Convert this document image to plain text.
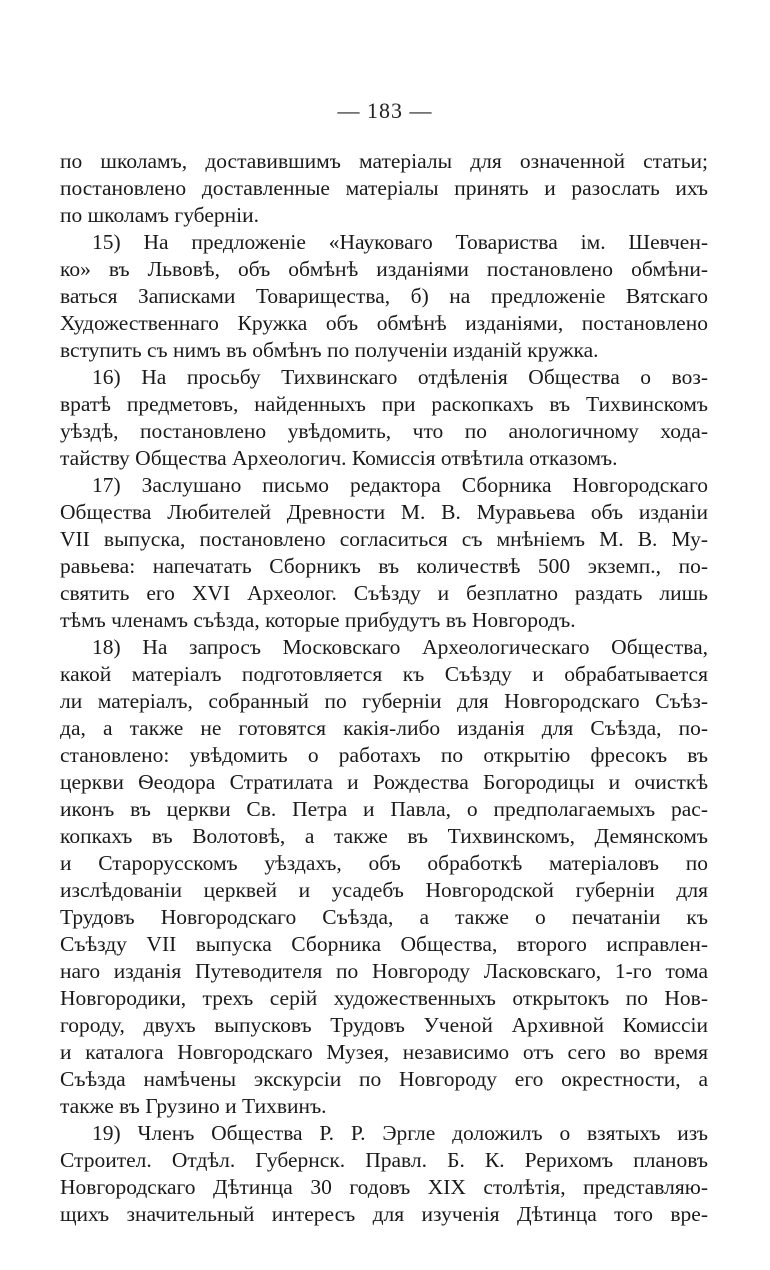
— 183 —
по школамъ, доставившимъ матеріалы для означенной статьи;
постановлено доставленные матеріалы принять и разослать ихъ
по школамъ губерніи.
15) На предложеніе «Науковаго Товариства ім. Шевчен-
ко» въ Львовѣ, объ обмѣнѣ изданіями постановлено обмѣни-
ваться Записками Товарищества, б) на предложеніе Вятскаго
Художественнаго Кружка объ обмѣнѣ изданіями, постановлено
вступить съ нимъ въ обмѣнъ по полученіи изданій кружка.
16) На просьбу Тихвинскаго отдѣленія Общества о воз-
вратѣ предметовъ, найденныхъ при раскопкахъ въ Тихвинскомъ
уѣздѣ, постановлено увѣдомить, что по анологичному хода-
тайству Общества Археологич. Комиссія отвѣтила отказомъ.
17) Заслушано письмо редактора Сборника Новгородскаго
Общества Любителей Древности М. В. Муравьева объ изданіи
VII выпуска, постановлено согласиться съ мнѣніемъ М. В. Му-
равьева: напечатать Сборникъ въ количествѣ 500 экземп., по-
святить его XVI Археолог. Съѣзду и безплатно раздать лишь
тѣмъ членамъ съѣзда, которые прибудутъ въ Новгородъ.
18) На запросъ Московскаго Археологическаго Общества,
какой матеріалъ подготовляется къ Съѣзду и обрабатывается
ли матеріалъ, собранный по губерніи для Новгородскаго Съѣз-
да, а также не готовятся какія-либо изданія для Съѣзда, по-
становлено: увѣдомить о работахъ по открытію фресокъ въ
церкви Ѳеодора Стратилата и Рождества Богородицы и очисткѣ
иконъ въ церкви Св. Петра и Павла, о предполагаемыхъ рас-
копкахъ въ Волотовѣ, а также въ Тихвинскомъ, Демянскомъ
и Старорусскомъ уѣздахъ, объ обработкѣ матеріаловъ по
изслѣдованіи церквей и усадебъ Новгородской губерніи для
Трудовъ Новгородскаго Съѣзда, а также о печатаніи къ
Съѣзду VII выпуска Сборника Общества, второго исправлен-
наго изданія Путеводителя по Новгороду Ласковскаго, 1-го тома
Новгородики, трехъ серій художественныхъ открытокъ по Нов-
городу, двухъ выпусковъ Трудовъ Ученой Архивной Комиссіи
и каталога Новгородскаго Музея, независимо отъ сего во время
Съѣзда намѣчены экскурсіи по Новгороду его окрестности, а
также въ Грузино и Тихвинъ.
19) Членъ Общества Р. Р. Эргле доложилъ о взятыхъ изъ
Строител. Отдѣл. Губернск. Правл. Б. К. Рерихомъ плановъ
Новгородскаго Дѣтинца 30 годовъ XIX столѣтія, представляю-
щихъ значительный интересъ для изученія Дѣтинца того вре-
